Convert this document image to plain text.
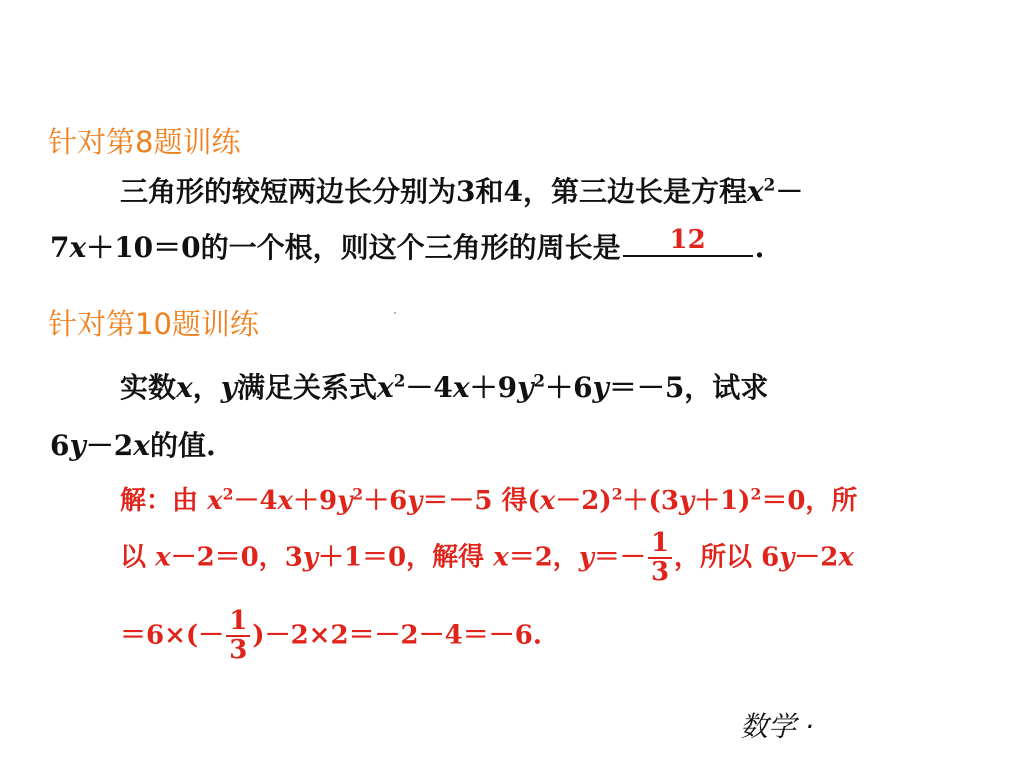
针对第8题训练
三角形的较短两边长分别为3和4，第三边长是方程$x^2-$
7x＋10＝0的一个根，则这个三角形的周长是	12	.
针对第10题训练
实数x，y满足关系式$x^2-4x+9y^2+6y=-5$，试求
6y－2x的值.
解：由 $x^2-4x+9y^2+6y=-5$ 得$(x-2)^2+(3y+1)^2=0$，所
以 x－2＝0，3y＋1＝0，解得 x＝2，$y=- \frac{1}{3}$ ，所以 6y－2x
$=6\times(- \frac{1}{3} )-2\times 2=-2-4=-6$.
数学 ·
